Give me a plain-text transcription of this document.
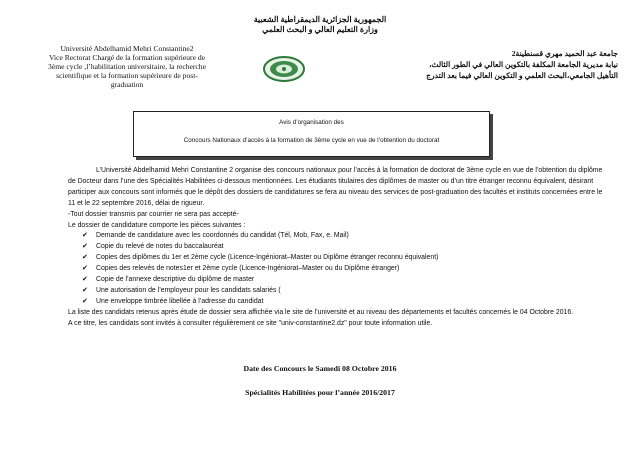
Université Abdelhamid Mehri Constantine2
Vice Rectorat Chargé de la formation supérieure de
3ème cycle ,l’habilitation universitaire, la recherche
scientifique et la formation supérieure de post-
graduation
الجمهورية الجزائرية الديمقراطية الشعبية
وزارة التعليم العالي و البحث العلمي
جامعة عبد الحميد مهري قسنطينة2
نيابة مديرية الجامعة المكلفة بالتكوين العالي في الطور الثالث،
التأهيل الجامعي،البحث العلمي و التكوين العالي فيما بعد التدرج
Avis d’organisation des
Concours Nationaux d’accès à la formation de 3ème cycle en vue de l’obtention du doctorat

L’Université Abdelhamid Mehri Constantine 2 organise des concours nationaux pour l’accès à la formation de doctorat de 3ème cycle en vue de l’obtention du diplôme de Docteur dans l’une des Spécialités Habilitées ci-dessous mentionnées. Les étudiants titulaires des diplômes de master ou d’un titre étranger reconnu équivalent, désirant participer aux concours sont informés que le dépôt des dossiers de candidatures se fera au niveau des services de post-graduation des facultés et instituts concernées entre le 11 et le 22 septembre 2016, délai de rigueur.

-Tout dossier transmis par courrier ne sera pas accepté-

Le dossier de candidature comporte les pièces suivantes :

✔ Demande de candidature avec les coordonnés du candidat (Tél, Mob, Fax, e. Mail)
✔ Copie du relevé de notes du baccalauréat
✔ Copies des diplômes du 1er et 2ème cycle (Licence-Ingéniorat–Master ou Diplôme étranger reconnu équivalent)
✔ Copies des relevés de notes1er et 2ème cycle (Licence-Ingéniorat–Master ou du Diplôme étranger)
✔ Copie de l’annexe descriptive du diplôme de master
✔ Une autorisation de l’employeur pour les candidats salariés (
✔ Une enveloppe timbrée libellée à l’adresse du candidat

La liste des candidats retenus après étude de dossier sera affichée via le site de l’université et au niveau des départements et facultés concernés le 04 Octobre 2016.

A ce titre, les candidats sont invités à consulter régulièrement ce site "univ-constantine2.dz" pour toute information utile.

Date des Concours le Samedi 08 Octobre 2016
Spécialités Habilitées pour l’année 2016/2017
